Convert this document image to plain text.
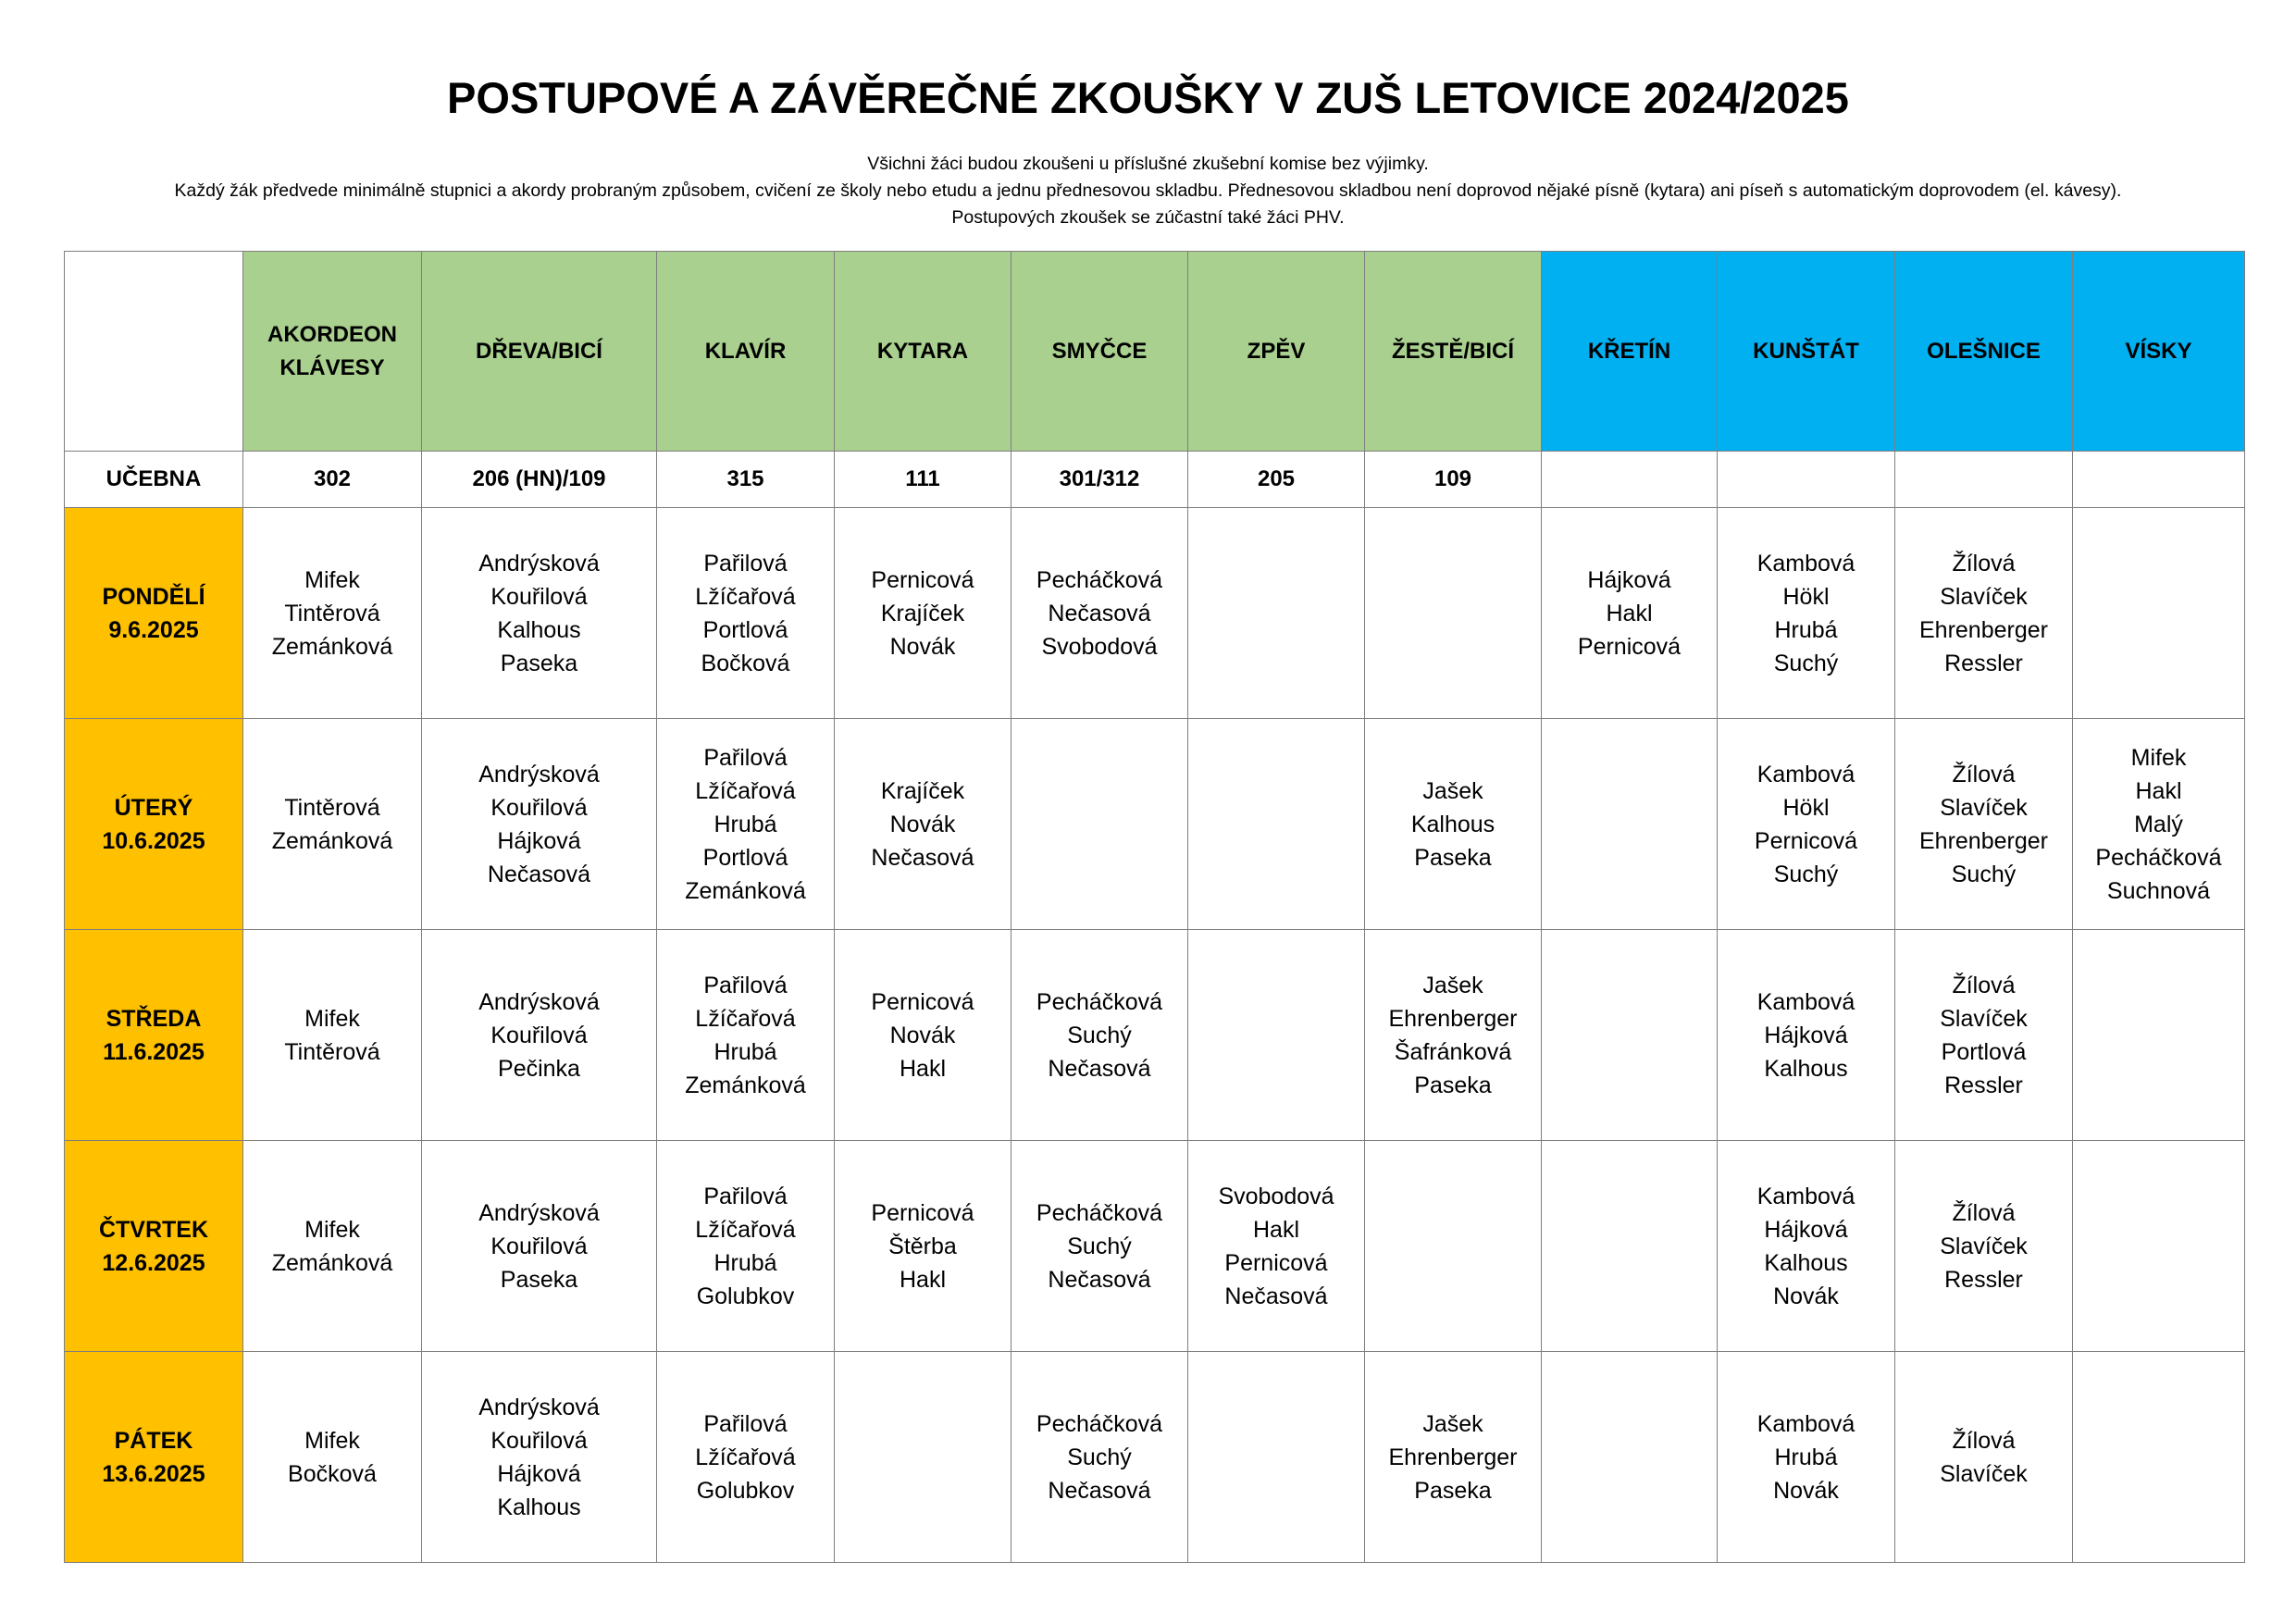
POSTUPOVÉ A ZÁVĚREČNÉ ZKOUŠKY V ZUŠ LETOVICE 2024/2025
Všichni žáci budou zkoušeni u příslušné zkušební komise bez výjimky.
Každý žák předvede minimálně stupnici a akordy probraným způsobem, cvičení ze školy nebo etudu a jednu přednesovou skladbu. Přednesovou skladbou není doprovod nějaké písně (kytara) ani píseň s automatickým doprovodem (el. kávesy).
Postupových zkoušek se zúčastní také žáci PHV.

	AKORDEON
KLÁVESY	DŘEVA/BICÍ	KLAVÍR	KYTARA	SMYČCE	ZPĚV	ŽESTĚ/BICÍ	KŘETÍN	KUNŠTÁT	OLEŠNICE	VÍSKY

UČEBNA	302	206 (HN)/109	315	111	301/312	205	109				

PONDĚLÍ
9.6.2025	Mifek
Tintěrová
Zemánková	Andrýsková
Kouřilová
Kalhous
Paseka	Pařilová
Lžíčařová
Portlová
Bočková	Pernicová
Krajíček
Novák	Pecháčková
Nečasová
Svobodová			Hájková
Hakl
Pernicová	Kambová
Hökl
Hrubá
Suchý	Žílová
Slavíček
Ehrenberger
Ressler	

ÚTERÝ
10.6.2025	Tintěrová
Zemánková	Andrýsková
Kouřilová
Hájková
Nečasová	Pařilová
Lžíčařová
Hrubá
Portlová
Zemánková	Krajíček
Novák
Nečasová			Jašek
Kalhous
Paseka		Kambová
Hökl
Pernicová
Suchý	Žílová
Slavíček
Ehrenberger
Suchý	Mifek
Hakl
Malý
Pecháčková
Suchnová

STŘEDA
11.6.2025	Mifek
Tintěrová	Andrýsková
Kouřilová
Pečinka	Pařilová
Lžíčařová
Hrubá
Zemánková	Pernicová
Novák
Hakl	Pecháčková
Suchý
Nečasová		Jašek
Ehrenberger
Šafránková
Paseka		Kambová
Hájková
Kalhous	Žílová
Slavíček
Portlová
Ressler	

ČTVRTEK
12.6.2025	Mifek
Zemánková	Andrýsková
Kouřilová
Paseka	Pařilová
Lžíčařová
Hrubá
Golubkov	Pernicová
Štěrba
Hakl	Pecháčková
Suchý
Nečasová	Svobodová
Hakl
Pernicová
Nečasová			Kambová
Hájková
Kalhous
Novák	Žílová
Slavíček
Ressler	

PÁTEK
13.6.2025	Mifek
Bočková	Andrýsková
Kouřilová
Hájková
Kalhous	Pařilová
Lžíčařová
Golubkov		Pecháčková
Suchý
Nečasová		Jašek
Ehrenberger
Paseka		Kambová
Hrubá
Novák	Žílová
Slavíček	
